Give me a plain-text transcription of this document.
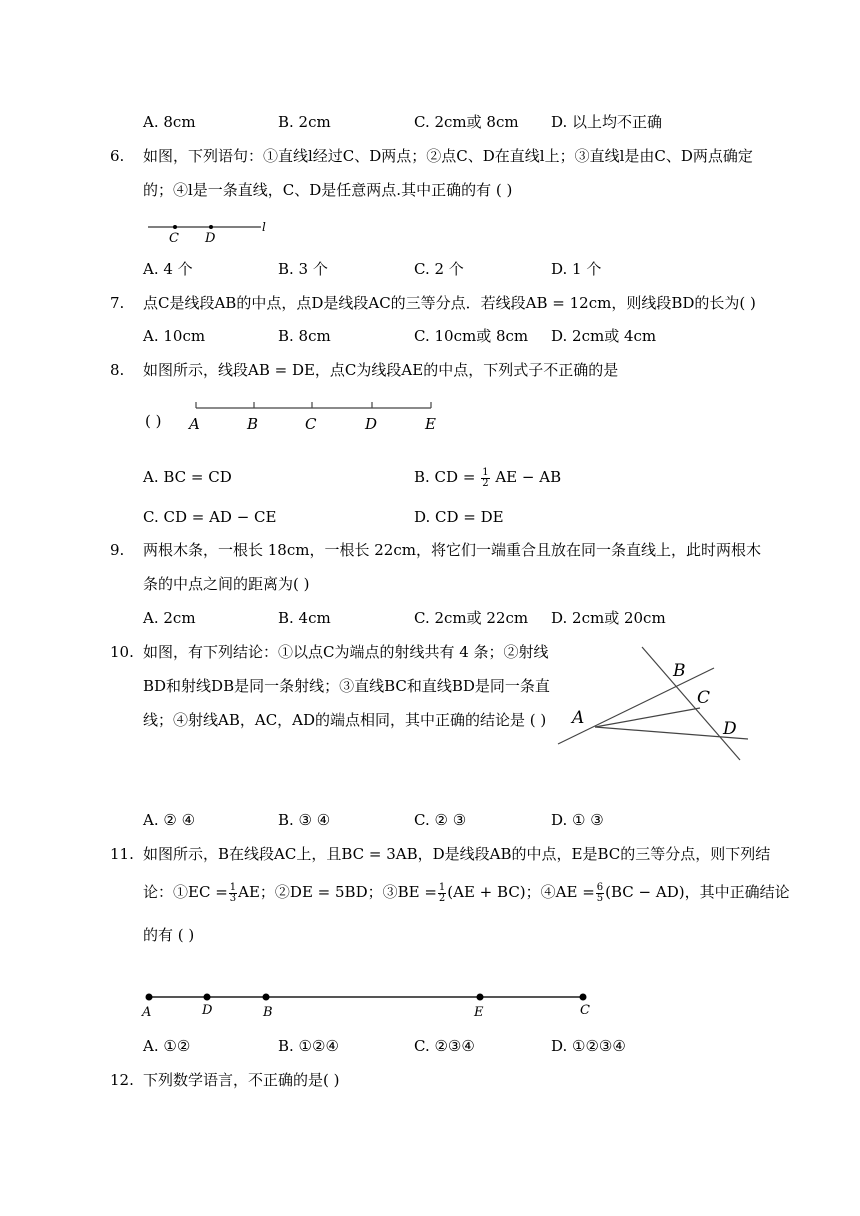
A. 8cm	B. 2cm	C. 2cm或 8cm D. 以上均不正确
6. 如图，下列语句：①直线l经过C、D两点；②点C、D在直线l上；③直线l是由C、D两点确定
的；④l是一条直线，C、D是任意两点.其中正确的有 ( )
C D
l
A. 4 个	B. 3 个	C. 2 个	D. 1 个
7. 点C是线段AB的中点，点D是线段AC的三等分点．若线段AB = 12cm，则线段BD的长为( )
A. 10cm	B. 8cm	C. 10cm或 8cm D. 2cm或 4cm
8. 如图所示，线段AB = DE，点C为线段AE的中点，下列式子不正确的是
( ) A	B	C	D	E
A. BC = CD	B. CD = $\frac{1}{2}$ AE − AB
C. CD = AD − CE	D. CD = DE
9. 两根木条，一根长 18cm，一根长 22cm，将它们一端重合且放在同一条直线上，此时两根木
条的中点之间的距离为( )
A. 2cm	B. 4cm	C. 2cm或 22cm D. 2cm或 20cm
10. 如图，有下列结论：①以点C为端点的射线共有 4 条；②射线
BD和射线DB是同一条射线；③直线BC和直线BD是同一条直
线；④射线AB，AC，AD的端点相同，其中正确的结论是 ( ) A
B
C
D
A. ② ④	B. ③ ④	C. ② ③	D. ① ③
11. 如图所示，B在线段AC上，且BC = 3AB，D是线段AB的中点，E是BC的三等分点，则下列结
论：①EC = $\frac{1}{3}$ AE；②DE = 5BD；③BE = $\frac{1}{2} (AE + BC)$；④AE = $\frac{6}{5} (BC - AD)$，其中正确结论
的有 ( )
A	D	B	E	C
A. ①②	B. ①②④	C. ②③④	D. ①②③④
12. 下列数学语言，不正确的是( )
